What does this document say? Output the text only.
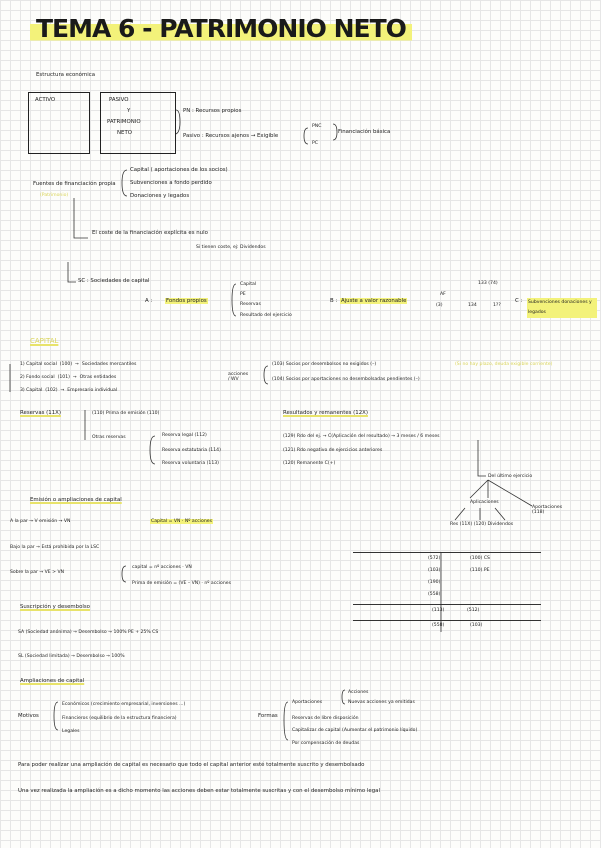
TEMA 6 - PATRIMONIO NETO
Estructura económica
ACTIVO	PASIVO
Y
PATRIMONIO
NETO
PN : Recursos propios
Pasivo : Recursos ajenos → Exigible
PNC
PC
Financiación básica
Fuentes de financiación propia
(Patrimonio)
Capital ( aportaciones de los socios)
Subvenciones a fondo perdido
Donaciones y legados
El coste de la financiación explícita es nulo
Si tienen coste, ej: Dividendos
SC : Sociedades de capital
A :	Fondos propios
Capital
PE
Reservas
Resultado del ejercicio
B : Ajuste a valor razonable
AF
(3)
133 (74)
134	1??
C : Subvenciones donaciones y legados
CAPITAL
1) Capital social (100) → Sociedades mercantiles
2) Fondo social (101) → Otras entidades
3) Capital (102) → Empresario individual
acciones / WV
(103) Socios por desembolsos no exigidos (–)
(104) Socios por aportaciones no desembolsadas pendientes (–)
(Si no hay plazo, deuda exigible corriente)
Reservas (11X)	(110) Prima de emisión (110)
Otras reservas	Reserva legal (112)
Reserva estatutaria (114)
Reserva voluntaria (113)
Resultados y remanentes (12X)
(129) Rdo del ej. → C(Aplicación del resultado) → 3 meses / 6 meses
(121) Rdo negativo de ejercicios anteriores
(120) Remanente C(+)
Del último ejercicio
Aplicaciones
Aportaciones (118)
Res (11X) (120) Dividendos
Emisión o ampliaciones de capital
A la par → V emisión → VN	Capital = VN · Nº acciones
Bajo la par → Está prohibida por la LSC
Sobre la par → VE > VN
capital = nº acciones · VN
Prima de emisión = (VE – VN) · nº acciones
(572)	(100) CS
(103)	(110) PE
(190)
(558)
(113)	(512)
(558)	(103)
Suscripción y desembolso
SA (Sociedad anónima) → Desembolso → 100% PE + 25% CS
SL (Sociedad limitada) → Desembolso → 100%
Ampliaciones de capital
Motivos
Económicos (crecimiento empresarial, inversiones ...)
Financieros (equilibrio de la estructura financiera)
Legales
Formas
Aportaciones
Reservas de libre disposición
Capitalizar de capital (Aumentar el patrimonio líquido)
Por compensación de deudas
Acciones
Nuevas acciones ya emitidas
Para poder realizar una ampliación de capital es necesario que todo el capital anterior esté totalmente suscrito y desembolsado
Una vez realizada la ampliación es a dicho momento las acciones deben estar totalmente suscritas y con el desembolso mínimo legal
